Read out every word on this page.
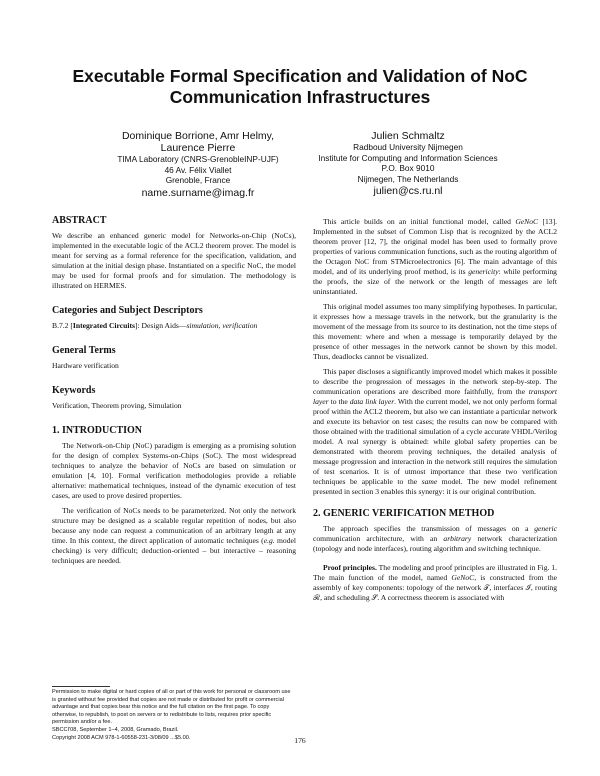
Executable Formal Specification and Validation of NoC Communication Infrastructures
Dominique Borrione, Amr Helmy,
Laurence Pierre
TIMA Laboratory (CNRS-GrenobleINP-UJF)
46 Av. Félix Viallet
Grenoble, France
name.surname@imag.fr
Julien Schmaltz
Radboud University Nijmegen
Institute for Computing and Information Sciences
P.O. Box 9010
Nijmegen, The Netherlands
julien@cs.ru.nl
ABSTRACT

We describe an enhanced generic model for Networks-on-Chip (NoCs), implemented in the executable logic of the ACL2 theorem prover. The model is meant for serving as a formal reference for the specification, validation, and simulation at the initial design phase. Instantiated on a specific NoC, the model may be used for formal proofs and for simulation. The methodology is illustrated on HERMES.

Categories and Subject Descriptors

B.7.2 [Integrated Circuits]: Design Aids—simulation, verification

General Terms

Hardware verification

Keywords

Verification, Theorem proving, Simulation

1. INTRODUCTION

The Network-on-Chip (NoC) paradigm is emerging as a promising solution for the design of complex Systems-on-Chips (SoC). The most widespread techniques to analyze the behavior of NoCs are based on simulation or emulation [4, 10]. Formal verification methodologies provide a reliable alternative: mathematical techniques, instead of the dynamic execution of test cases, are used to prove desired properties.

The verification of NoCs needs to be parameterized. Not only the network structure may be designed as a scalable regular repetition of nodes, but also because any node can request a communication of an arbitrary length at any time. In this context, the direct application of automatic techniques (e.g. model checking) is very difficult; deduction-oriented – but interactive – reasoning techniques are needed.

Permission to make digital or hard copies of all or part of this work for personal or classroom use is granted without fee provided that copies are not made or distributed for profit or commercial advantage and that copies bear this notice and the full citation on the first page. To copy otherwise, to republish, to post on servers or to redistribute to lists, requires prior specific permission and/or a fee.

SBCCI'08, September 1–4, 2008, Gramado, Brazil.

Copyright 2008 ACM 978-1-60558-231-3/08/09 ...$5.00.

This article builds on an initial functional model, called GeNoC [13]. Implemented in the subset of Common Lisp that is recognized by the ACL2 theorem prover [12, 7], the original model has been used to formally prove properties of various communication functions, such as the routing algorithm of the Octagon NoC from STMicroelectronics [6]. The main advantage of this model, and of its underlying proof method, is its genericity: while performing the proofs, the size of the network or the length of messages are left uninstantiated.

This original model assumes too many simplifying hypotheses. In particular, it expresses how a message travels in the network, but the granularity is the movement of the message from its source to its destination, not the time steps of this movement: where and when a message is temporarily delayed by the presence of other messages in the network cannot be shown by this model. Thus, deadlocks cannot be visualized.

This paper discloses a significantly improved model which makes it possible to describe the progression of messages in the network step-by-step. The communication operations are described more faithfully, from the transport layer to the data link layer. With the current model, we not only perform formal proof within the ACL2 theorem, but also we can instantiate a particular network and execute its behavior on test cases; the results can now be compared with those obtained with the traditional simulation of a cycle accurate VHDL/Verilog model. A real synergy is obtained: while global safety properties can be demonstrated with theorem proving techniques, the detailed analysis of message progression and interaction in the network still requires the simulation of test scenarios. It is of utmost importance that these two verification techniques be applicable to the same model. The new model refinement presented in section 3 enables this synergy: it is our original contribution.

2. GENERIC VERIFICATION METHOD

The approach specifies the transmission of messages on a generic communication architecture, with an arbitrary network characterization (topology and node interfaces), routing algorithm and switching technique.

Proof principles. The modeling and proof principles are illustrated in Fig. 1. The main function of the model, named GeNoC, is constructed from the assembly of key components: topology of the network 𝒯, interfaces ℐ, routing ℛ, and scheduling 𝒮. A correctness theorem is associated with

176
